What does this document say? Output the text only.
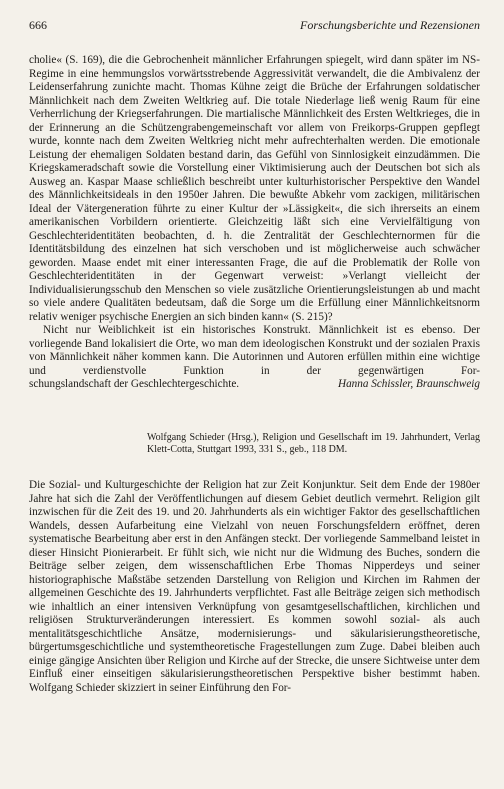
666	Forschungsberichte und Rezensionen

cholie« (S. 169), die die Gebrochenheit männlicher Erfahrungen spiegelt, wird dann später im NS-Regime in eine hemmungslos vorwärtsstrebende Aggressivität verwandelt, die die Ambivalenz der Leidenserfahrung zunichte macht. Thomas Kühne zeigt die Brüche der Erfahrungen soldatischer Männlichkeit nach dem Zweiten Weltkrieg auf. Die totale Niederlage ließ wenig Raum für eine Verherrlichung der Kriegserfahrungen. Die martialische Männlichkeit des Ersten Weltkrieges, die in der Erinnerung an die Schützengrabengemeinschaft vor allem von Freikorps-Gruppen gepflegt wurde, konnte nach dem Zweiten Weltkrieg nicht mehr aufrechterhalten werden. Die emotionale Leistung der ehemaligen Soldaten bestand darin, das Gefühl von Sinnlosigkeit einzudämmen. Die Kriegskameradschaft sowie die Vorstellung einer Viktimisierung auch der Deutschen bot sich als Ausweg an. Kaspar Maase schließlich beschreibt unter kulturhistorischer Perspektive den Wandel des Männlichkeitsideals in den 1950er Jahren. Die bewußte Abkehr vom zackigen, militärischen Ideal der Vätergeneration führte zu einer Kultur der »Lässigkeit«, die sich ihrerseits an einem amerikanischen Vorbildern orientierte. Gleichzeitig läßt sich eine Vervielfältigung von Geschlechteridentitäten beobachten, d. h. die Zentralität der Geschlechternormen für die Identitätsbildung des einzelnen hat sich verschoben und ist möglicherweise auch schwächer geworden. Maase endet mit einer interessanten Frage, die auf die Problematik der Rolle von Geschlechteridentitäten in der Gegenwart verweist: »Verlangt vielleicht der Individualisierungsschub den Menschen so viele zusätzliche Orientierungsleistungen ab und macht so viele andere Qualitäten bedeutsam, daß die Sorge um die Erfüllung einer Männlichkeitsnorm relativ weniger psychische Energien an sich binden kann« (S. 215)?

Nicht nur Weiblichkeit ist ein historisches Konstrukt. Männlichkeit ist es ebenso. Der vorliegende Band lokalisiert die Orte, wo man dem ideologischen Konstrukt und der sozialen Praxis von Männlichkeit näher kommen kann. Die Autorinnen und Autoren erfüllen mithin eine wichtige und verdienstvolle Funktion in der gegenwärtigen For-

schungslandschaft der Geschlechtergeschichte.	Hanna Schissler, Braunschweig

Wolfgang Schieder (Hrsg.), Religion und Gesellschaft im 19. Jahrhundert, Verlag Klett-Cotta, Stuttgart 1993, 331 S., geb., 118 DM.

Die Sozial- und Kulturgeschichte der Religion hat zur Zeit Konjunktur. Seit dem Ende der 1980er Jahre hat sich die Zahl der Veröffentlichungen auf diesem Gebiet deutlich vermehrt. Religion gilt inzwischen für die Zeit des 19. und 20. Jahrhunderts als ein wichtiger Faktor des gesellschaftlichen Wandels, dessen Aufarbeitung eine Vielzahl von neuen Forschungsfeldern eröffnet, deren systematische Bearbeitung aber erst in den Anfängen steckt. Der vorliegende Sammelband leistet in dieser Hinsicht Pionierarbeit. Er fühlt sich, wie nicht nur die Widmung des Buches, sondern die Beiträge selber zeigen, dem wissenschaftlichen Erbe Thomas Nipperdeys und seiner historiographische Maßstäbe setzenden Darstellung von Religion und Kirchen im Rahmen der allgemeinen Geschichte des 19. Jahrhunderts verpflichtet. Fast alle Beiträge zeigen sich methodisch wie inhaltlich an einer intensiven Verknüpfung von gesamtgesellschaftlichen, kirchlichen und religiösen Strukturveränderungen interessiert. Es kommen sowohl sozial- als auch mentalitätsgeschichtliche Ansätze, modernisierungs- und säkularisierungstheoretische, bürgertumsgeschichtliche und systemtheoretische Fragestellungen zum Zuge. Dabei bleiben auch einige gängige Ansichten über Religion und Kirche auf der Strecke, die unsere Sichtweise unter dem Einfluß einer einseitigen säkularisierungstheoretischen Perspektive bisher bestimmt haben. Wolfgang Schieder skizziert in seiner Einführung den For-
